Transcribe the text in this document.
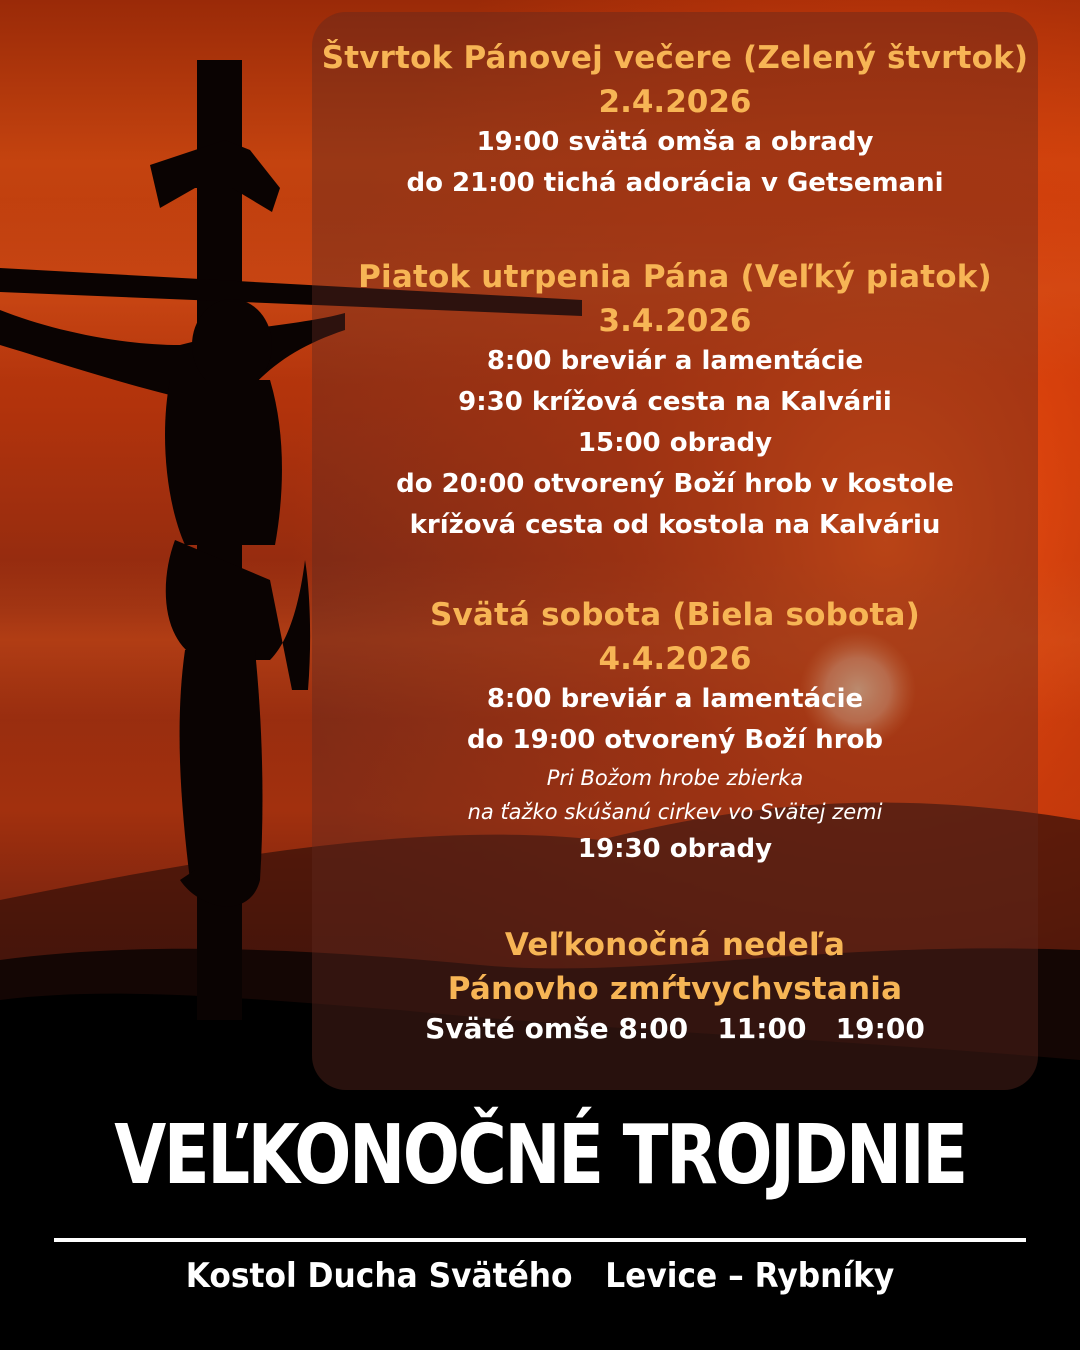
Štvrtok Pánovej večere (Zelený štvrtok)
2.4.2026
19:00 svätá omša a obrady
do 21:00 tichá adorácia v Getsemani
Piatok utrpenia Pána (Veľký piatok)
3.4.2026
8:00 breviár a lamentácie
9:30 krížová cesta na Kalvárii
15:00 obrady
do 20:00 otvorený Boží hrob v kostole
krížová cesta od kostola na Kalváriu
Svätá sobota (Biela sobota)
4.4.2026
8:00 breviár a lamentácie
do 19:00 otvorený Boží hrob
Pri Božom hrobe zbierka
na ťažko skúšanú cirkev vo Svätej zemi
19:30 obrady
Veľkonočná nedeľa
Pánovho zmŕtvychvstania
Sväté omše 8:00   11:00   19:00
VEĽKONOČNÉ TROJDNIE
Kostol Ducha Svätého   Levice – Rybníky
